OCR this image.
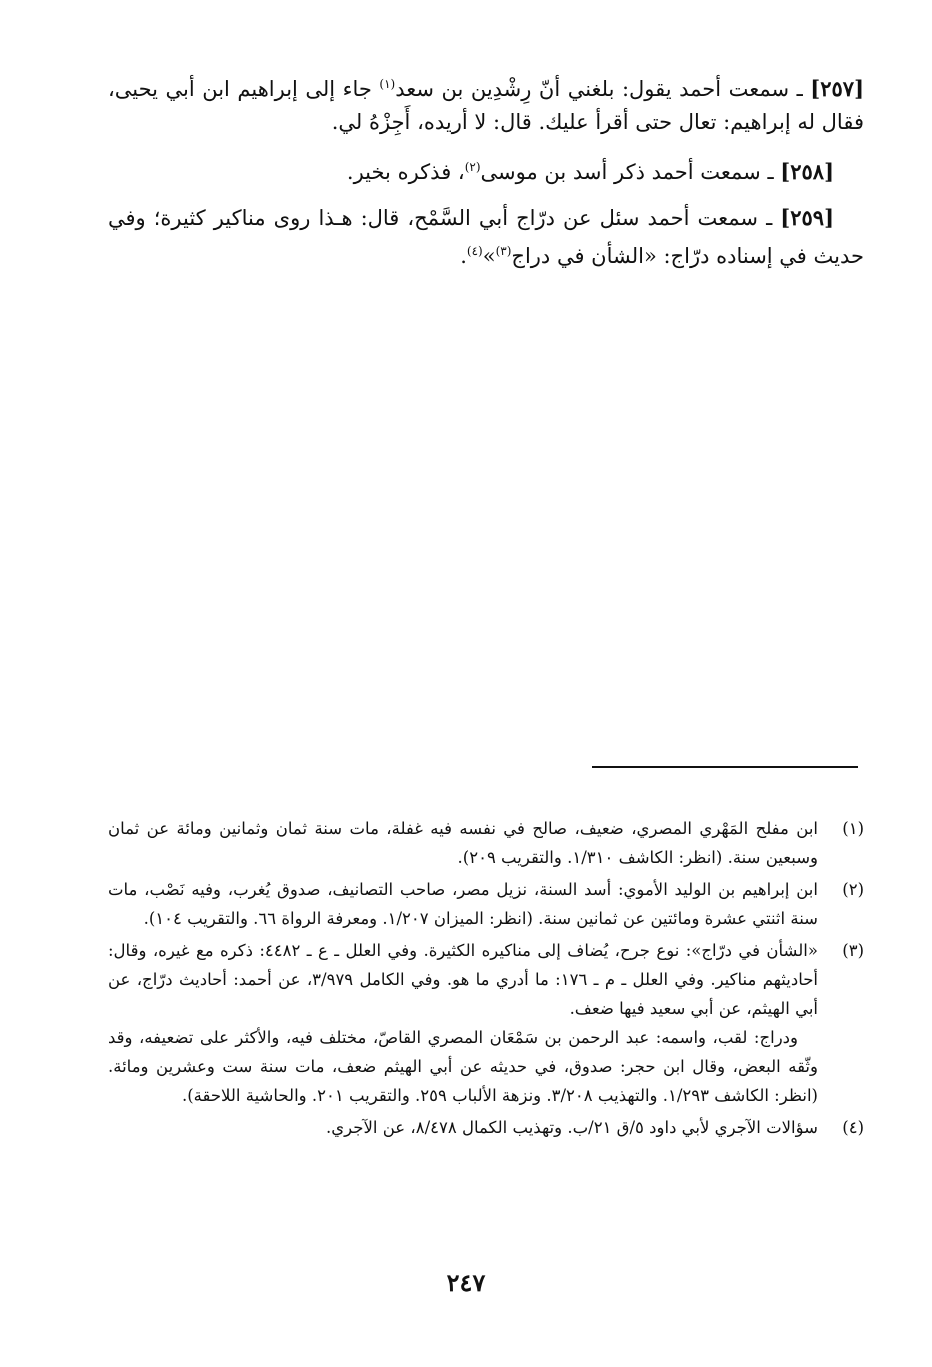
[٢٥٧] ـ سمعت أحمد يقول: بلغني أنّ رِشْدِين بن سعد$^{(١)}$ جاء إلى إبراهيم ابن أبي يحيى، فقال له إبراهيم: تعال حتى أقرأ عليك. قال: لا أريده، أَجِزْهُ لي.

[٢٥٨] ـ سمعت أحمد ذكر أسد بن موسى$^{(٢)}$، فذكره بخير.

[٢٥٩] ـ سمعت أحمد سئل عن درّاج أبي السَّمْح، قال: هـذا روى مناكير كثيرة؛ وفي حديث في إسناده درّاج: «الشأن في دراج$^{(٣)}$»$^{(٤)}$.

(١)

ابن مفلح المَهْري المصري، ضعيف، صالح في نفسه فيه غفلة، مات سنة ثمان وثمانين ومائة عن ثمان وسبعين سنة. (انظر: الكاشف ١/٣١٠. والتقريب ٢٠٩).

(٢)

ابن إبراهيم بن الوليد الأموي: أسد السنة، نزيل مصر، صاحب التصانيف، صدوق يُغرب، وفيه نَصْب، مات سنة اثنتي عشرة ومائتين عن ثمانين سنة. (انظر: الميزان ١/٢٠٧. ومعرفة الرواة ٦٦. والتقريب ١٠٤).

(٣)

«الشأن في درّاج»: نوع جرح، يُضاف إلى مناكيره الكثيرة. وفي العلل ـ ع ـ ٤٤٨٢: ذكره مع غيره، وقال: أحاديثهم مناكير. وفي العلل ـ م ـ ١٧٦: ما أدري ما هو. وفي الكامل ٣/٩٧٩، عن أحمد: أحاديث درّاج، عن أبي الهيثم، عن أبي سعيد فيها ضعف.

ودراج: لقب، واسمه: عبد الرحمن بن سَمْعَان المصري القاصّ، مختلف فيه، والأكثر على تضعيفه، وقد وثّقه البعض، وقال ابن حجر: صدوق، في حديثه عن أبي الهيثم ضعف، مات سنة ست وعشرين ومائة. (انظر: الكاشف ١/٢٩٣. والتهذيب ٣/٢٠٨. ونزهة الألباب ٢٥٩. والتقريب ٢٠١. والحاشية اللاحقة).

(٤)

سؤالات الآجري لأبي داود ٥/ق ٢١/ب. وتهذيب الكمال ٨/٤٧٨، عن الآجري.

٢٤٧
